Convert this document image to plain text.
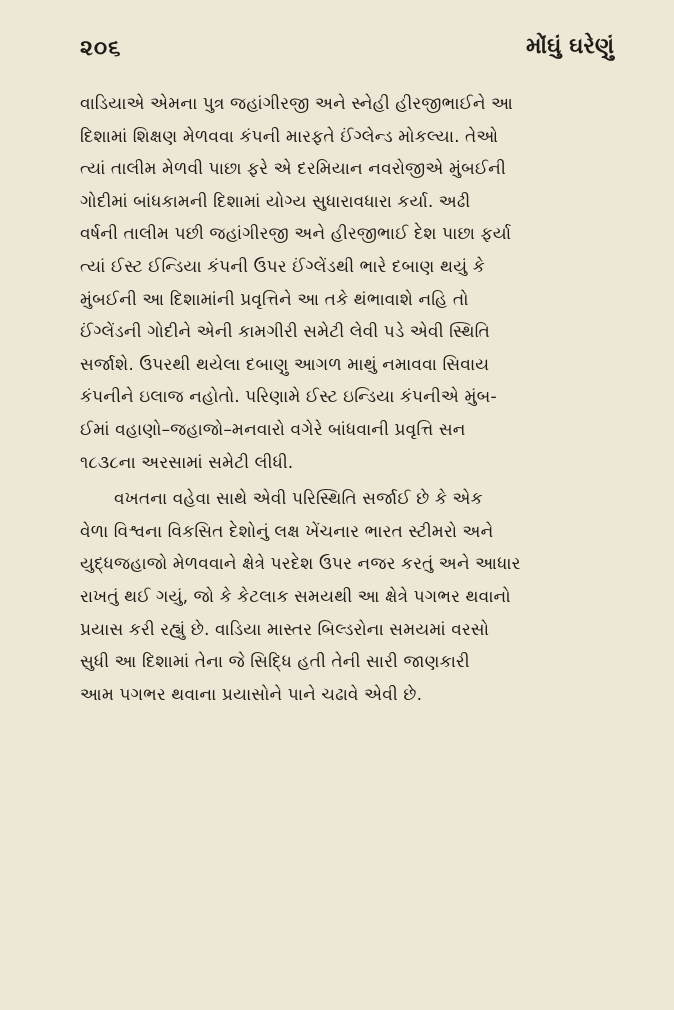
૨૦૬	મોંઘું ઘરેણું

વાડિયાએ એમના પુત્ર જહાંગીરજી અને સ્નેહી હીરજીભાઈને આ
દિશામાં શિક્ષણ મેળવવા કંપની મારફતે ઈંગ્લેન્ડ મોકલ્યા. તેઓ
ત્યાં તાલીમ મેળવી પાછા ફરે એ દરમિયાન નવરોજીએ મુંબઈની
ગોદીમાં બાંધકામની દિશામાં યોગ્ય સુધારાવધારા કર્યા. અઢી
વર્ષની તાલીમ પછી જહાંગીરજી અને હીરજીભાઈ દેશ પાછા ફર્યા
ત્યાં ઈસ્ટ ઈન્ડિયા કંપની ઉપર ઈંગ્લેંડથી ભારે દબાણ થયું કે
મુંબઈની આ દિશામાંની પ્રવૃત્તિને આ તકે થંભાવાશે નહિ તો
ઈંગ્લેંડની ગોદીને એની કામગીરી સમેટી લેવી પડે એવી સ્થિતિ
સર્જાશે. ઉપરથી થયેલા દબાણુ આગળ માથું નમાવવા સિવાય
કંપનીને ઇલાજ નહોતો. પરિણામે ઈસ્ટ ઇન્ડિયા કંપનીએ મુંબ-
ઈમાં વહાણો–જહાજો–મનવારો વગેરે બાંધવાની પ્રવૃત્તિ સન
૧૮૩૮ના અરસામાં સમેટી લીધી.

વખતના વહેવા સાથે એવી પરિસ્થિતિ સર્જાઈ છે કે એક
વેળા વિશ્વના વિકસિત દેશોનું લક્ષ ખેંચનાર ભારત સ્ટીમરો અને
યુદ્ધજહાજો મેળવવાને ક્ષેત્રે પરદેશ ઉપર નજર કરતું અને આધાર
રાખતું થઈ ગયું, જો કે કેટલાક સમયથી આ ક્ષેત્રે પગભર થવાનો
પ્રયાસ કરી રહ્યું છે. વાડિયા માસ્તર બિલ્ડરોના સમયમાં વરસો
સુધી આ દિશામાં તેના જે સિદ્ધિ હતી તેની સારી જાણકારી
આમ પગભર થવાના પ્રયાસોને પાને ચઢાવે એવી છે.
